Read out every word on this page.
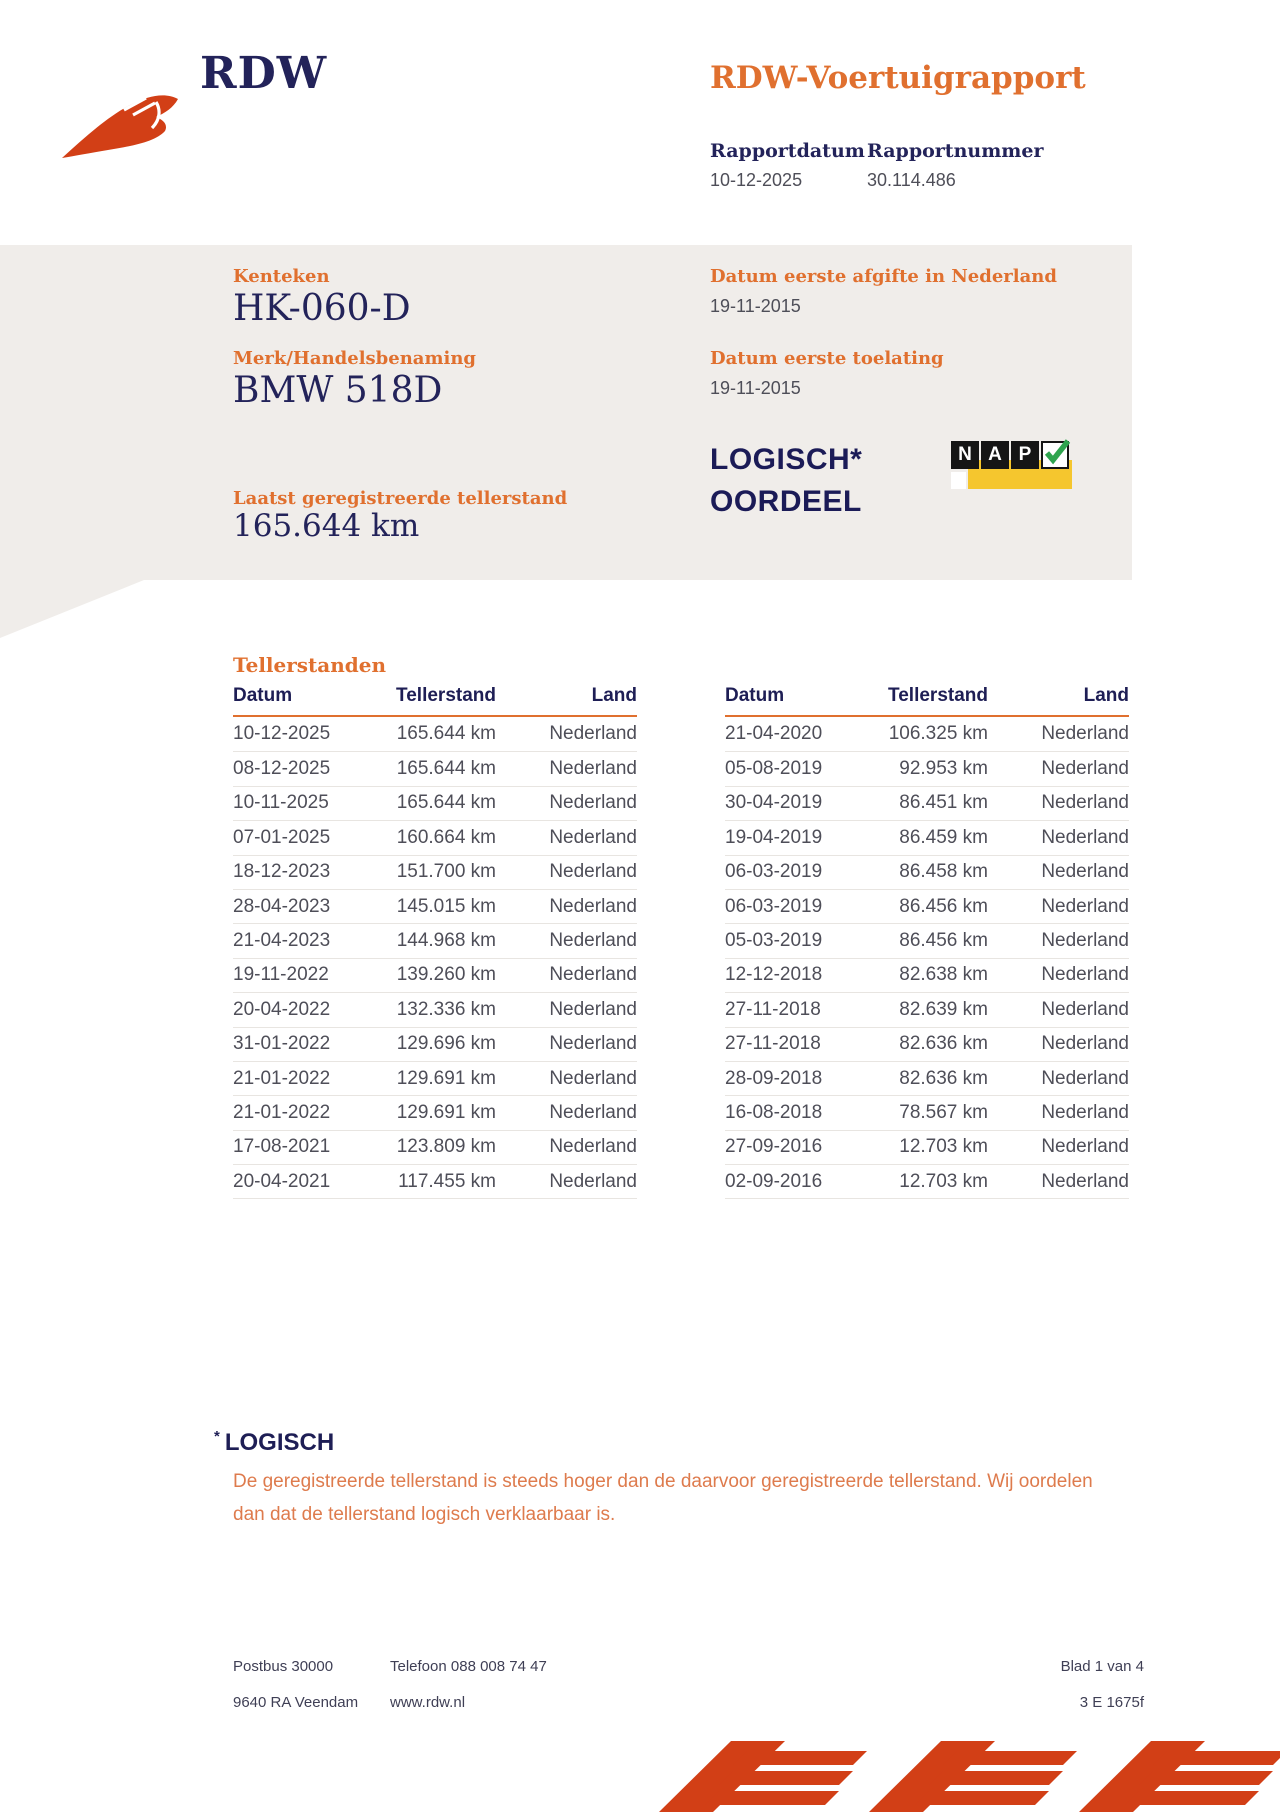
RDW	RDW-Voertuigrapport
Rapportdatum Rapportnummer
10-12-2025	30.114.486
Kenteken
HK-060-D
Merk/Handelsbenaming
BMW 518D
Laatst geregistreerde tellerstand
165.644 km
Datum eerste afgifte in Nederland
19-11-2015
Datum eerste toelating
19-11-2015
LOGISCH*
OORDEEL
N A P
Tellerstanden
Datum	Tellerstand	Land
10-12-2025	165.644 km	Nederland
08-12-2025	165.644 km	Nederland
10-11-2025	165.644 km	Nederland
07-01-2025	160.664 km	Nederland
18-12-2023	151.700 km	Nederland
28-04-2023	145.015 km	Nederland
21-04-2023	144.968 km	Nederland
19-11-2022	139.260 km	Nederland
20-04-2022	132.336 km	Nederland
31-01-2022	129.696 km	Nederland
21-01-2022	129.691 km	Nederland
21-01-2022	129.691 km	Nederland
17-08-2021	123.809 km	Nederland
20-04-2021	117.455 km	Nederland
Datum	Tellerstand	Land
21-04-2020	106.325 km	Nederland
05-08-2019	92.953 km	Nederland
30-04-2019	86.451 km	Nederland
19-04-2019	86.459 km	Nederland
06-03-2019	86.458 km	Nederland
06-03-2019	86.456 km	Nederland
05-03-2019	86.456 km	Nederland
12-12-2018	82.638 km	Nederland
27-11-2018	82.639 km	Nederland
27-11-2018	82.636 km	Nederland
28-09-2018	82.636 km	Nederland
16-08-2018	78.567 km	Nederland
27-09-2016	12.703 km	Nederland
02-09-2016	12.703 km	Nederland
* LOGISCH
De geregistreerde tellerstand is steeds hoger dan de daarvoor geregistreerde tellerstand. Wij oordelen dan dat de tellerstand logisch verklaarbaar is.
Postbus 30000
9640 RA Veendam
Telefoon 088 008 74 47
www.rdw.nl
Blad 1 van 4
3 E 1675f
